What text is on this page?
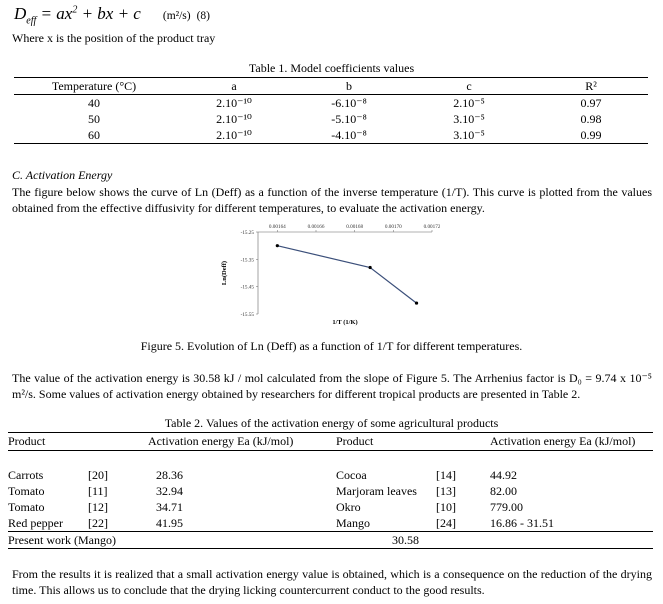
$D_{eff} = ax^2$ + bx + c (m²/s) (8)
Where x is the position of the product tray
Table 1. Model coefficients values
Temperature (°C)	a	b	c	R²
40	2.10⁻¹⁰	-6.10⁻⁸	2.10⁻⁵	0.97
50	2.10⁻¹⁰	-5.10⁻⁸	3.10⁻⁵	0.98
60	2.10⁻¹⁰	-4.10⁻⁸	3.10⁻⁵	0.99
C. Activation Energy
The figure below shows the curve of Ln (Deff) as a function of the inverse temperature (1/T). This curve is plotted from the values obtained from the effective diffusivity for different temperatures, to evaluate the activation energy.
0.00164	0.00166	0.00168	0.00170	0.00172
-15.25
-15.35
-15.45
-15.55
1/T (1/K)
Ln(Deff)
Figure 5. Evolution of Ln (Deff) as a function of 1/T for different temperatures.
The value of the activation energy is 30.58 kJ / mol calculated from the slope of Figure 5. The Arrhenius factor is D₀ = 9.74 x 10⁻⁵ m²/s. Some values of activation energy obtained by researchers for different tropical products are presented in Table 2.
Table 2. Values of the activation energy of some agricultural products
Product		Activation energy Ea (kJ/mol)	Product		Activation energy Ea (kJ/mol)

Carrots	[20]	28.36	Cocoa	[14]	44.92
Tomato	[11]	32.94	Marjoram leaves	[13]	82.00
Tomato	[12]	34.71	Okro	[10]	779.00
Red pepper	[22]	41.95	Mango	[24]	16.86 - 31.51
Present work (Mango)			30.58		
From the results it is realized that a small activation energy value is obtained, which is a consequence on the reduction of the drying time. This allows us to conclude that the drying licking countercurrent conduct to the good results.
